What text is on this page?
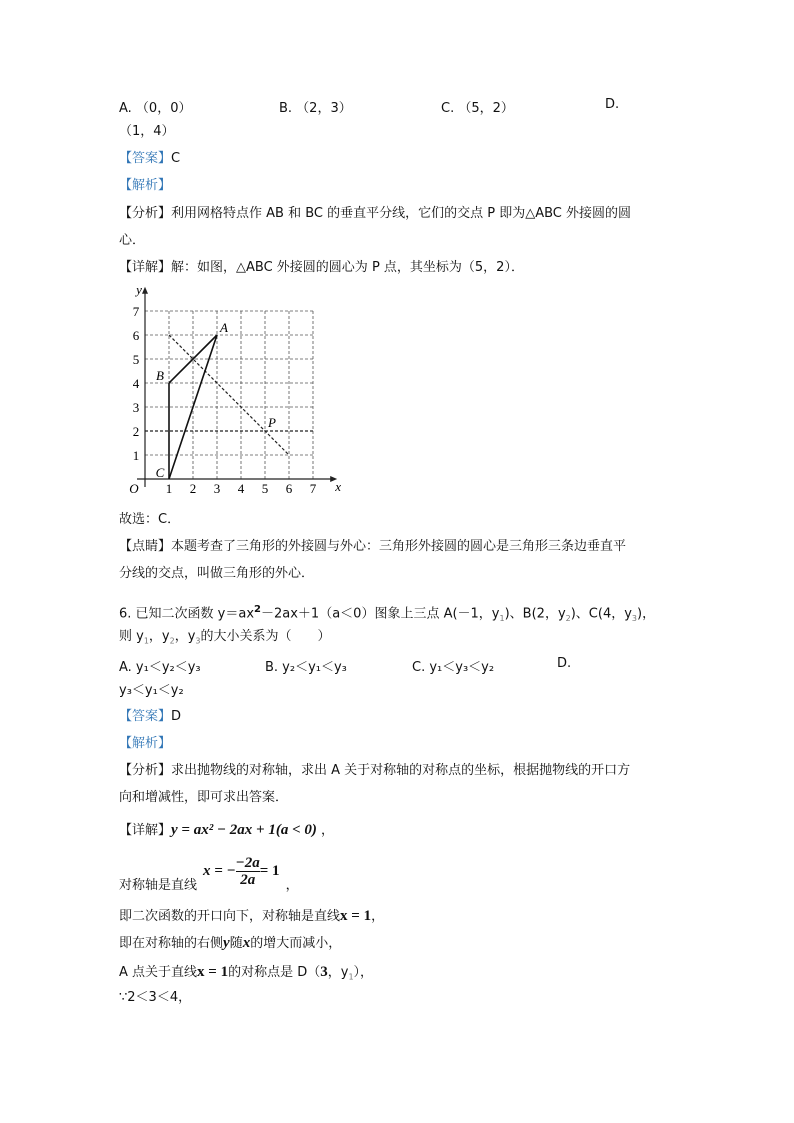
A. （0，0）	B. （2，3）	C. （5，2）	D.
（1，4）
【答案】C
【解析】
【分析】利用网格特点作 AB 和 BC 的垂直平分线，它们的交点 P 即为△ABC 外接圆的圆
心．
【详解】解：如图，△ABC 外接圆的圆心为 P 点，其坐标为（5，2）．
1 2 3 4 5 6 7
1
2
3
4
5
6
7
O	x
y
A
B
C
P
故选：C．
【点睛】本题考查了三角形的外接圆与外心：三角形外接圆的圆心是三角形三条边垂直平
分线的交点，叫做三角形的外心．
6. 已知二次函数 $y=ax^2-2ax+1(a<0)$图象上三点 A(－1，$y_1$)、B(2，$y_2$)、C(4，$y_3$)，
则 $y_1$，$y_2$，$y_3$的大小关系为（　　）
A. y₁＜y₂＜y₃	B. y₂＜y₁＜y₃	C. y₁＜y₃＜y₂	D.
y₃＜y₁＜y₂
【答案】D
【解析】
【分析】求出抛物线的对称轴，求出 A 关于对称轴的对称点的坐标，根据抛物线的开口方
向和增减性，即可求出答案．
【详解】y = ax² − 2ax + 1(a < 0) ，
对称轴是直线x = − $\frac{-2a}{2a} = 1$，
即二次函数的开口向下，对称轴是直线x = 1，
即在对称轴的右侧y随x的增大而减小，
A 点关于直线x = 1的对称点是 D（3，$y_1$），
∵2＜3＜4，
